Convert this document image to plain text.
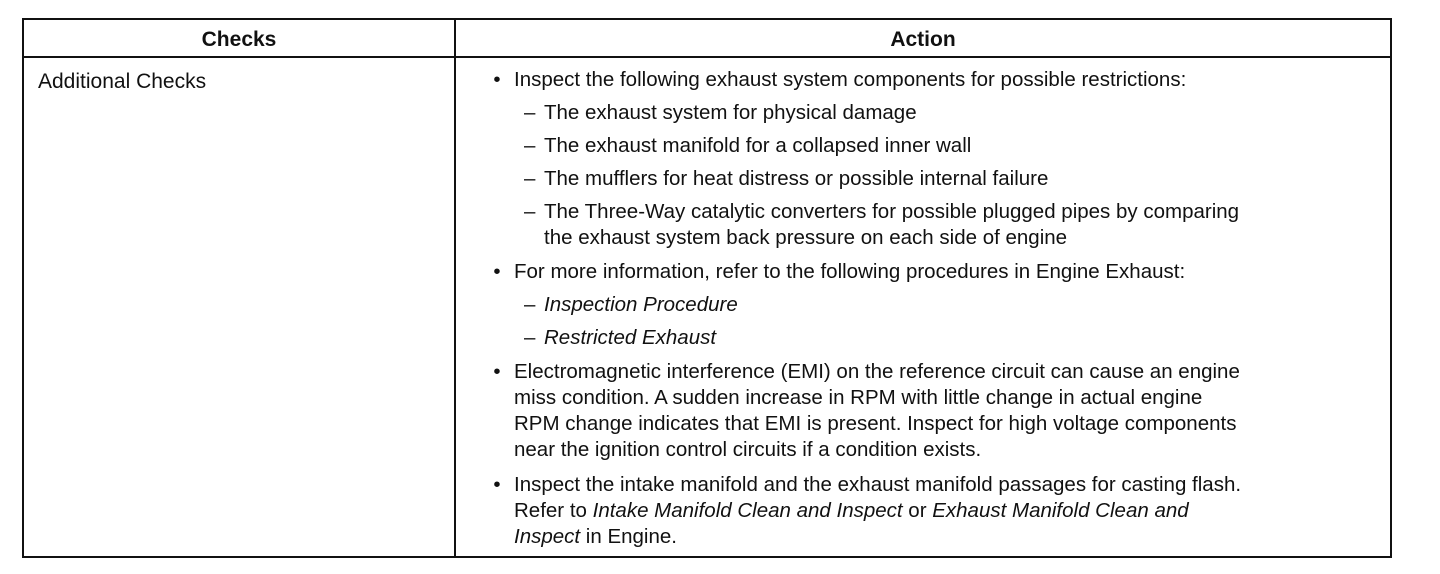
Checks	Action
Additional Checks	• Inspect the following exhaust system components for possible restrictions:
– The exhaust system for physical damage
– The exhaust manifold for a collapsed inner wall
– The mufflers for heat distress or possible internal failure
– The Three-Way catalytic converters for possible plugged pipes by comparing
the exhaust system back pressure on each side of engine
• For more information, refer to the following procedures in Engine Exhaust:
– Inspection Procedure
– Restricted Exhaust
• Electromagnetic interference (EMI) on the reference circuit can cause an engine
miss condition. A sudden increase in RPM with little change in actual engine
RPM change indicates that EMI is present. Inspect for high voltage components
near the ignition control circuits if a condition exists.
• Inspect the intake manifold and the exhaust manifold passages for casting flash.
Refer to Intake Manifold Clean and Inspect or Exhaust Manifold Clean and
Inspect in Engine.
